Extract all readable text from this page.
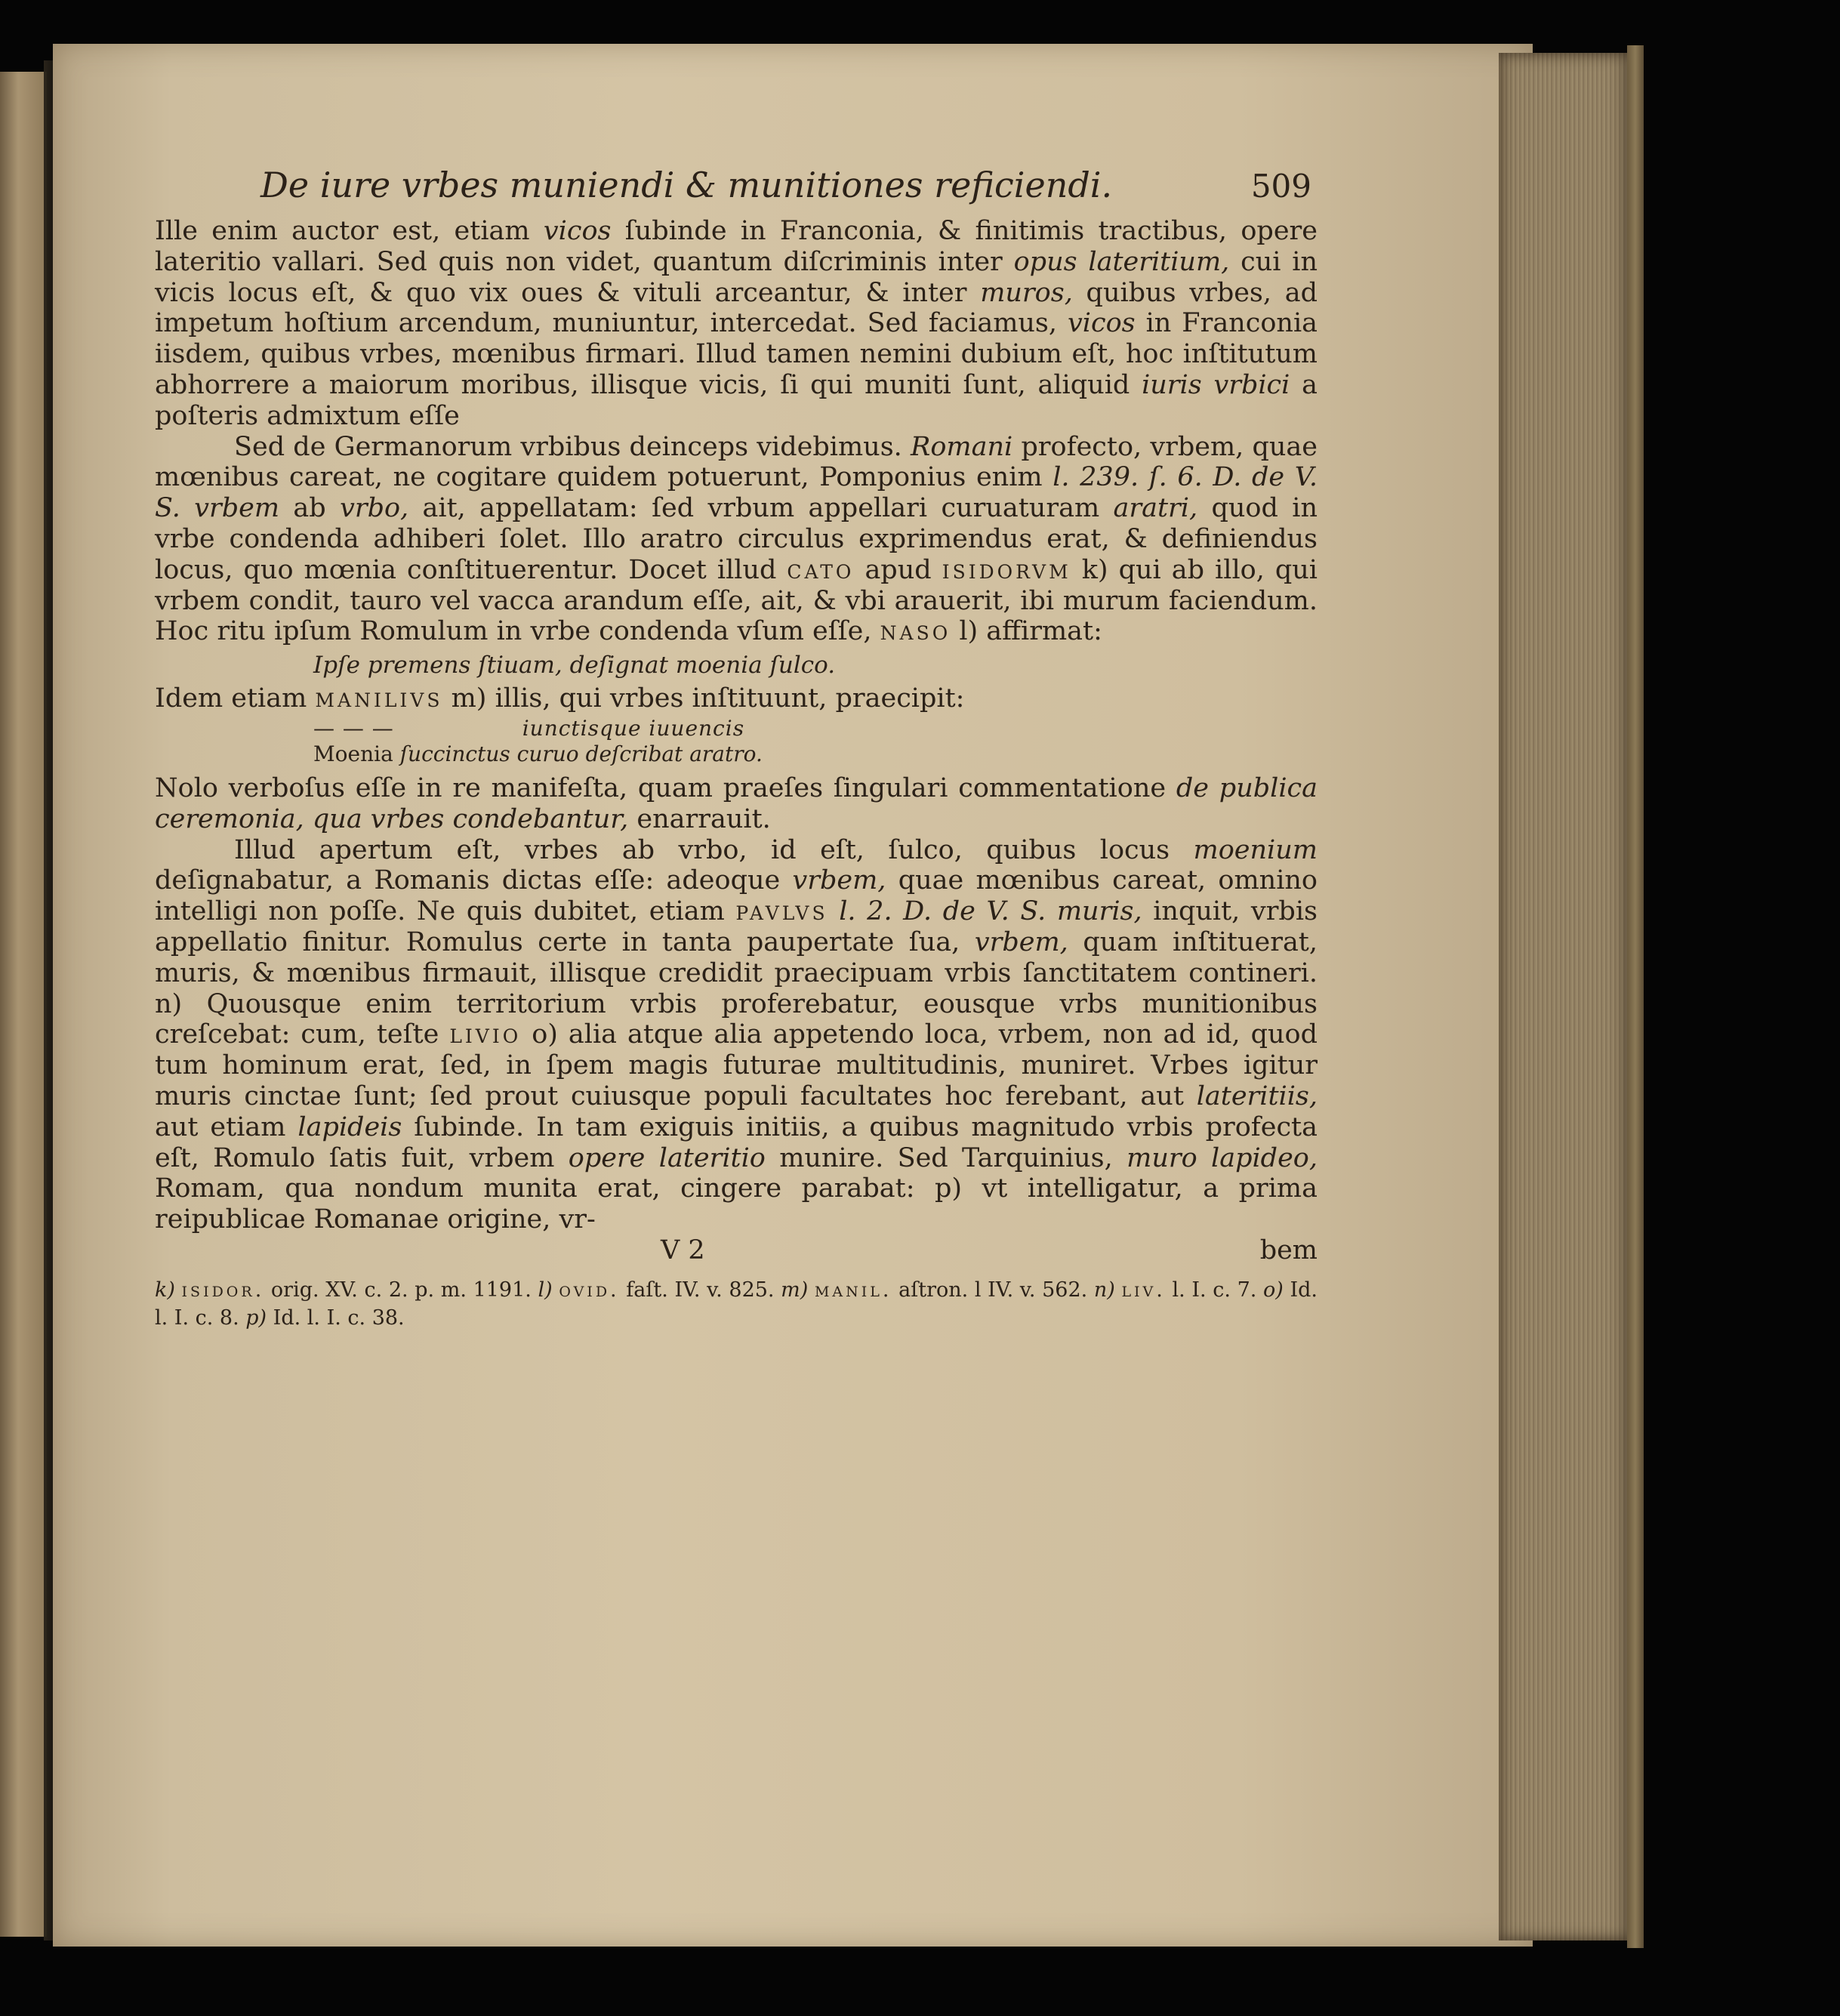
De iure vrbes muniendi & munitiones reficiendi.	509

Ille enim auctor est, etiam vicos ſubinde in Franconia, & finitimis tractibus, opere lateritio vallari. Sed quis non videt, quantum diſcriminis inter opus lateritium, cui in vicis locus eſt, & quo vix oues & vituli arceantur, & inter muros, quibus vrbes, ad impetum hoſtium arcendum, muniuntur, intercedat. Sed faciamus, vicos in Franconia iisdem, quibus vrbes, mœnibus firmari. Illud tamen nemini dubium eſt, hoc inſtitutum abhorrere a maiorum moribus, illisque vicis, ſi qui muniti ſunt, aliquid iuris vrbici a poſteris admixtum eſſe

Sed de Germanorum vrbibus deinceps videbimus. Romani profecto, vrbem, quae mœnibus careat, ne cogitare quidem potuerunt, Pomponius enim l. 239. ſ. 6. D. de V. S. vrbem ab vrbo, ait, appellatam: ſed vrbum appellari curuaturam aratri, quod in vrbe condenda adhiberi ſolet. Illo aratro circulus exprimendus erat, & definiendus locus, quo mœnia conſtituerentur. Docet illud cato apud isidorvm k) qui ab illo, qui vrbem condit, tauro vel vacca arandum eſſe, ait, & vbi arauerit, ibi murum faciendum. Hoc ritu ipſum Romulum in vrbe condenda vſum eſſe, naso l) affirmat:

Ipſe premens ſtiuam, deſignat moenia ſulco.

Idem etiam manilivs m) illis, qui vrbes inſtituunt, praecipit:

— — —	iunctisque iuuencis
Moenia ſuccinctus curuo deſcribat aratro.

Nolo verboſus eſſe in re manifeſta, quam praeſes ſingulari commentatione de publica ceremonia, qua vrbes condebantur, enarrauit.

Illud apertum eſt, vrbes ab vrbo, id eſt, ſulco, quibus locus moenium deſignabatur, a Romanis dictas eſſe: adeoque vrbem, quae mœnibus careat, omnino intelligi non poſſe. Ne quis dubitet, etiam pavlvs l. 2. D. de V. S. muris, inquit, vrbis appellatio finitur. Romulus certe in tanta paupertate ſua, vrbem, quam inſtituerat, muris, & mœnibus firmauit, illisque credidit praecipuam vrbis ſanctitatem contineri. n) Quousque enim territorium vrbis proferebatur, eousque vrbs munitionibus creſcebat: cum, teſte livio o) alia atque alia appetendo loca, vrbem, non ad id, quod tum hominum erat, ſed, in ſpem magis futurae multitudinis, muniret. Vrbes igitur muris cinctae ſunt; ſed prout cuiusque populi facultates hoc ferebant, aut lateritiis, aut etiam lapideis ſubinde. In tam exiguis initiis, a quibus magnitudo vrbis profecta eſt, Romulo ſatis fuit, vrbem opere lateritio munire. Sed Tarquinius, muro lapideo, Romam, qua nondum munita erat, cingere parabat: p) vt intelligatur, a prima reipublicae Romanae origine, vr-

V 2	bem
k) isidor. orig. XV. c. 2. p. m. 1191. l) ovid. faſt. IV. v. 825. m) manil. aſtron. l IV. v. 562. n) liv. l. I. c. 7. o) Id. l. I. c. 8. p) Id. l. I. c. 38.
